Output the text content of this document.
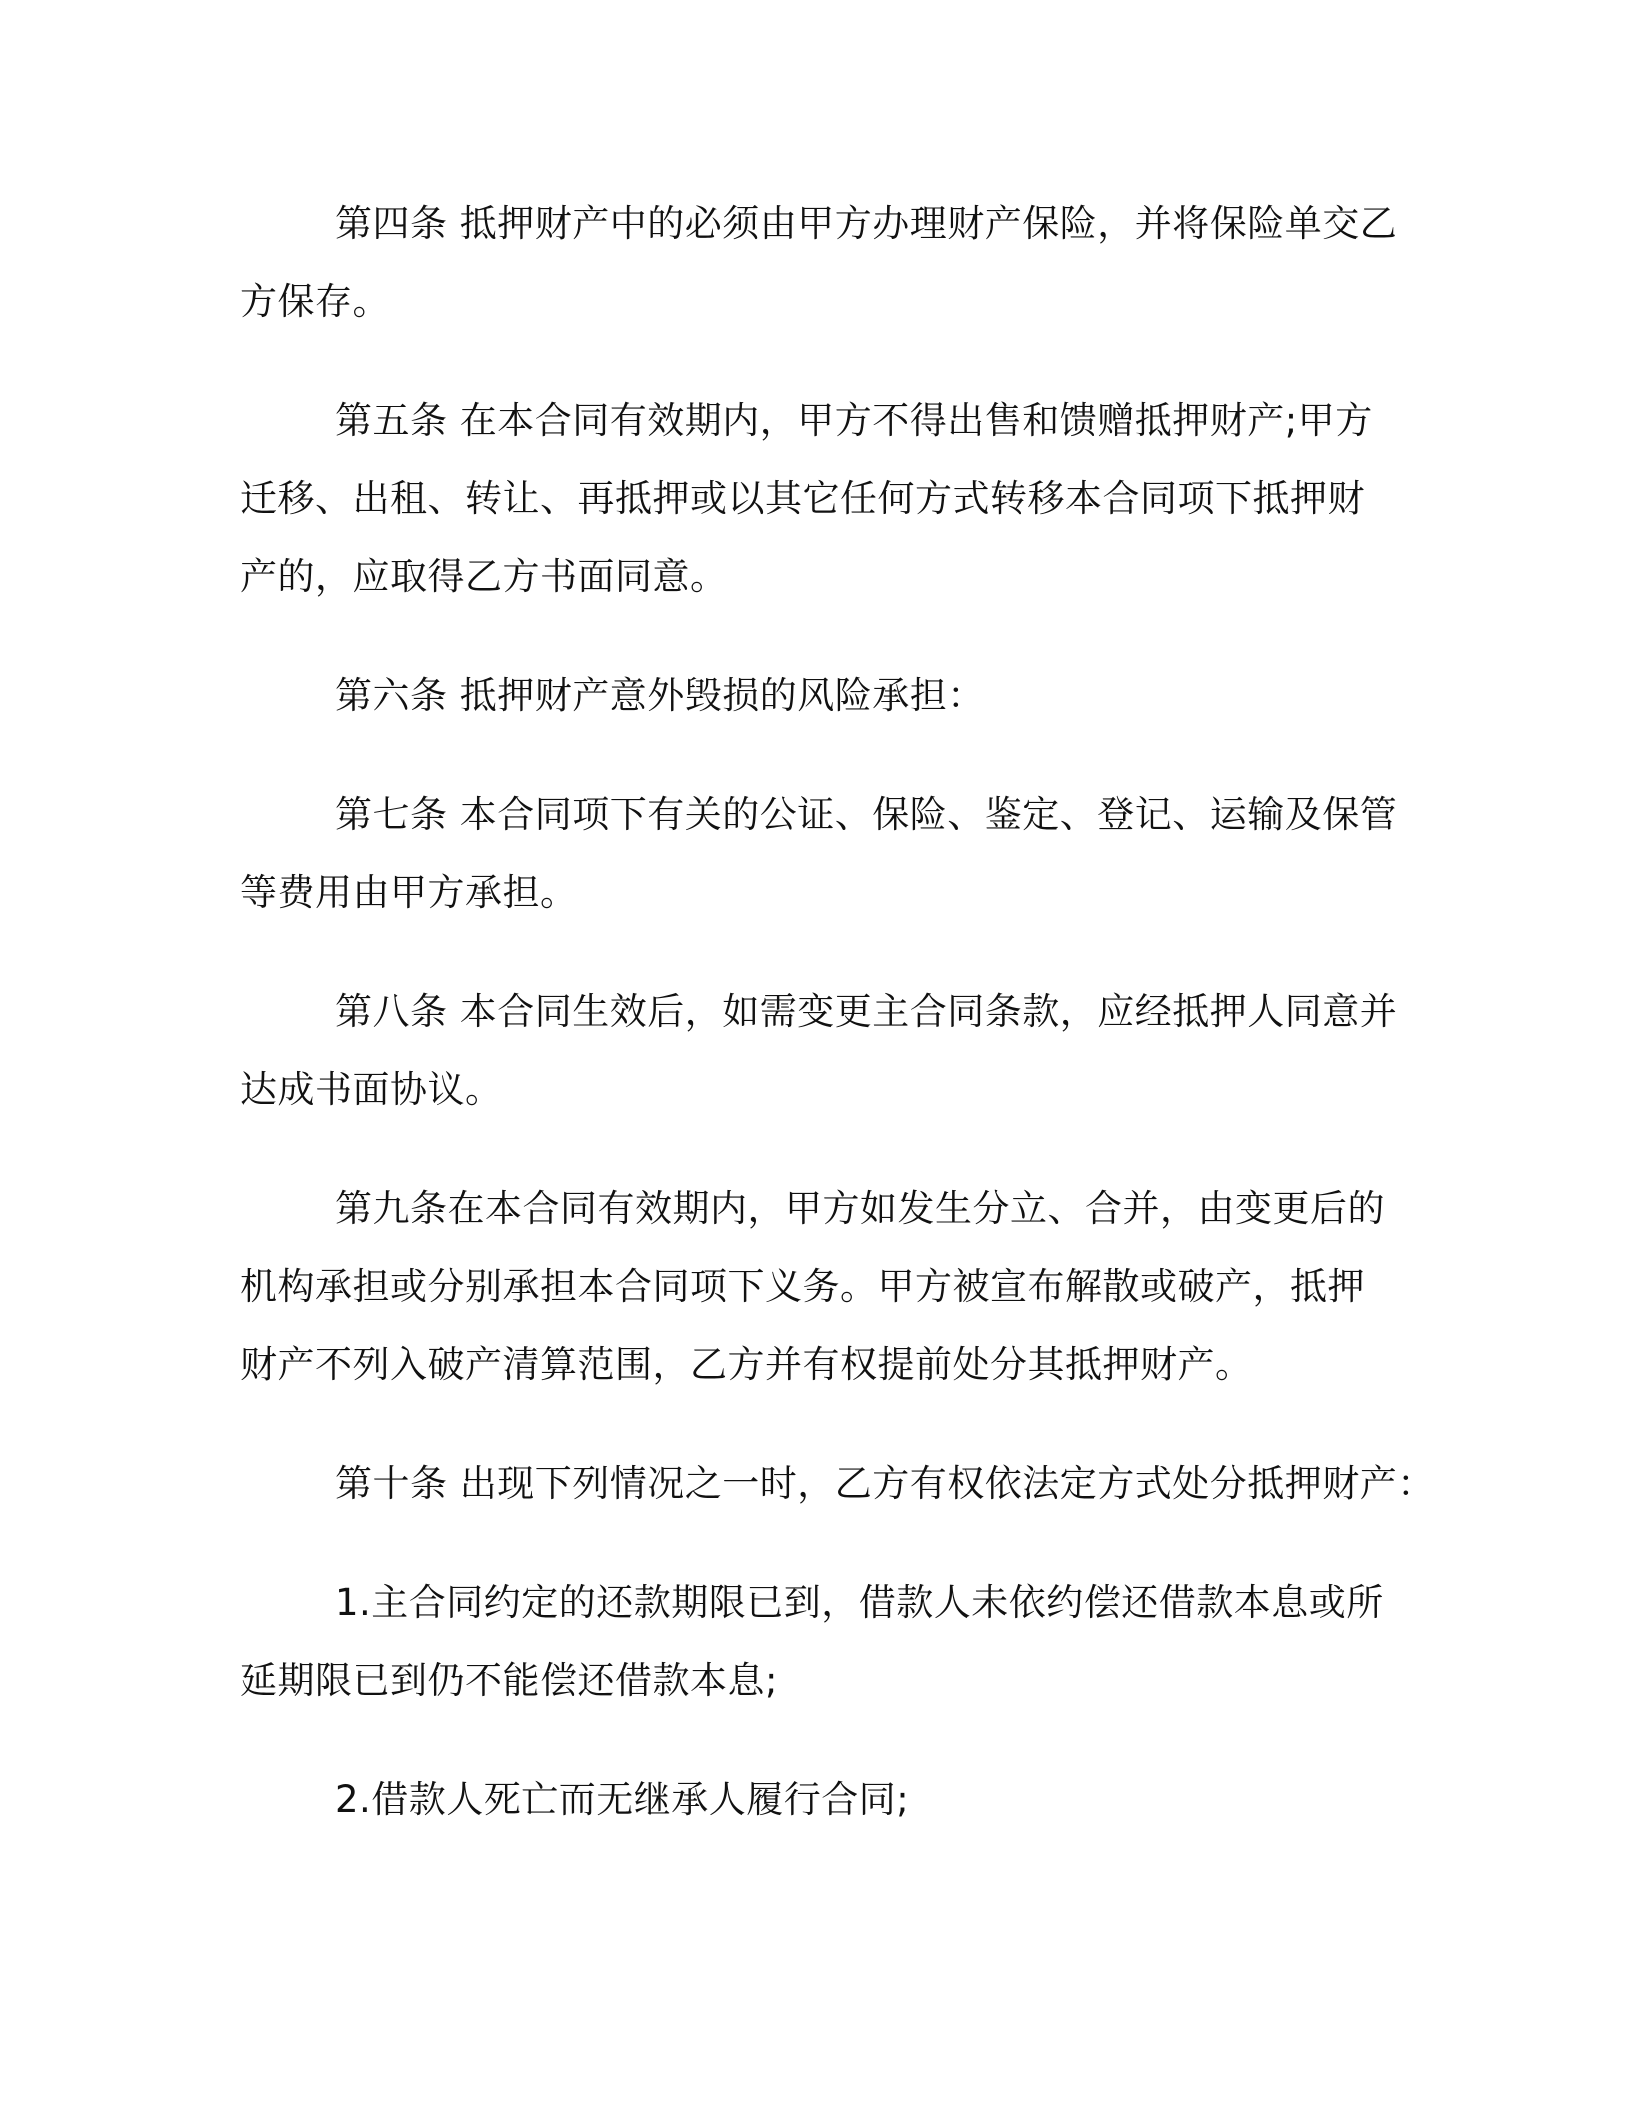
第四条 抵押财产中的必须由甲方办理财产保险，并将保险单交乙
方保存。

第五条 在本合同有效期内，甲方不得出售和馈赠抵押财产;甲方
迁移、出租、转让、再抵押或以其它任何方式转移本合同项下抵押财
产的，应取得乙方书面同意。

第六条 抵押财产意外毁损的风险承担：

第七条 本合同项下有关的公证、保险、鉴定、登记、运输及保管
等费用由甲方承担。

第八条 本合同生效后，如需变更主合同条款，应经抵押人同意并
达成书面协议。

第九条在本合同有效期内，甲方如发生分立、合并，由变更后的
机构承担或分别承担本合同项下义务。甲方被宣布解散或破产，抵押
财产不列入破产清算范围，乙方并有权提前处分其抵押财产。

第十条 出现下列情况之一时，乙方有权依法定方式处分抵押财产：

1.主合同约定的还款期限已到，借款人未依约偿还借款本息或所
延期限已到仍不能偿还借款本息;

2.借款人死亡而无继承人履行合同;
